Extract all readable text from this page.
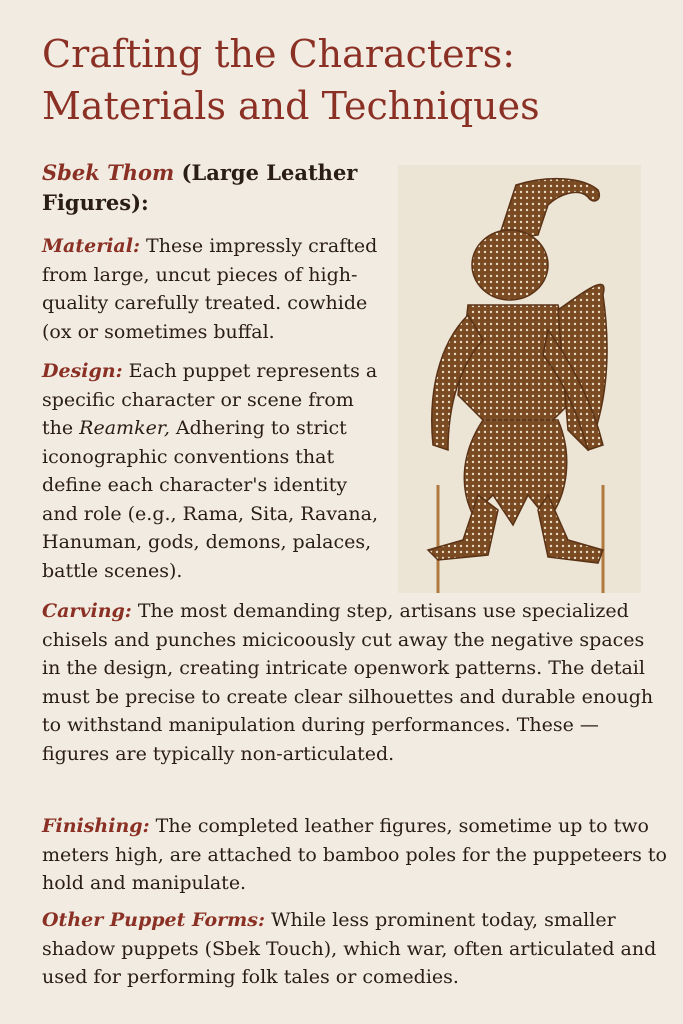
Crafting the Characters: Materials and Techniques
Sbek Thom (Large Leather Figures):
Material: These impressly crafted from large, uncut pieces of high-quality carefully treated. cowhide (ox or sometimes buffal.
Design: Each puppet represents a specific character or scene from the Reamker, Adhering to strict iconographic conventions that define each character's identity and role (e.g., Rama, Sita, Ravana, Hanuman, gods, demons, palaces, battle scenes).
Carving: The most demanding step, artisans use specialized chisels and punches micicoously cut away the negative spaces in the design, creating intricate openwork patterns. The detail must be precise to create clear silhouettes and durable enough to withstand manipulation during performances. These — figures are typically non-articulated.
Finishing: The completed leather figures, sometime up to two meters high, are attached to bamboo poles for the puppeteers to hold and manipulate.
Other Puppet Forms: While less prominent today, smaller shadow puppets (Sbek Touch), which war, often articulated and used for performing folk tales or comedies.
